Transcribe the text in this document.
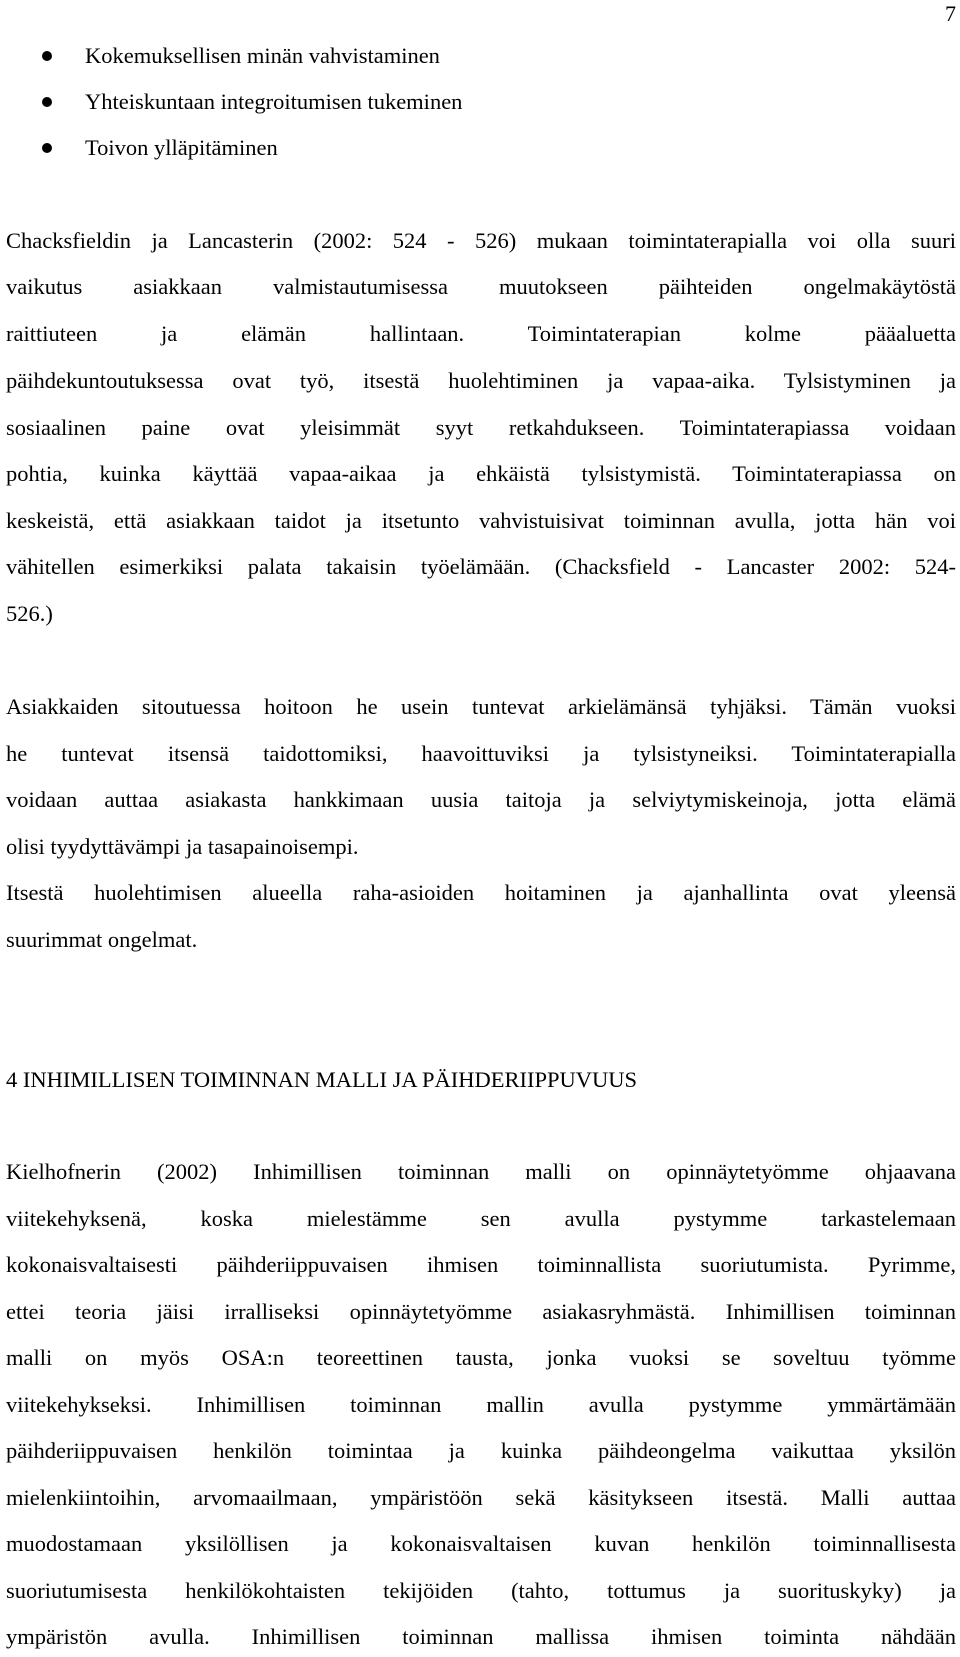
7
Kokemuksellisen minän vahvistaminen
Yhteiskuntaan integroitumisen tukeminen
Toivon ylläpitäminen
Chacksfieldin ja Lancasterin (2002: 524 - 526) mukaan toimintaterapialla voi olla suuri
vaikutus asiakkaan valmistautumisessa muutokseen päihteiden ongelmakäytöstä
raittiuteen ja elämän hallintaan. Toimintaterapian kolme pääaluetta
päihdekuntoutuksessa ovat työ, itsestä huolehtiminen ja vapaa-aika. Tylsistyminen ja
sosiaalinen paine ovat yleisimmät syyt retkahdukseen. Toimintaterapiassa voidaan
pohtia, kuinka käyttää vapaa-aikaa ja ehkäistä tylsistymistä. Toimintaterapiassa on
keskeistä, että asiakkaan taidot ja itsetunto vahvistuisivat toiminnan avulla, jotta hän voi
vähitellen esimerkiksi palata takaisin työelämään. (Chacksfield - Lancaster 2002: 524-
526.)
Asiakkaiden sitoutuessa hoitoon he usein tuntevat arkielämänsä tyhjäksi. Tämän vuoksi
he tuntevat itsensä taidottomiksi, haavoittuviksi ja tylsistyneiksi. Toimintaterapialla
voidaan auttaa asiakasta hankkimaan uusia taitoja ja selviytymiskeinoja, jotta elämä
olisi tyydyttävämpi ja tasapainoisempi.
Itsestä huolehtimisen alueella raha-asioiden hoitaminen ja ajanhallinta ovat yleensä
suurimmat ongelmat.
4 INHIMILLISEN TOIMINNAN MALLI JA PÄIHDERIIPPUVUUS
Kielhofnerin (2002) Inhimillisen toiminnan malli on opinnäytetyömme ohjaavana
viitekehyksenä, koska mielestämme sen avulla pystymme tarkastelemaan
kokonaisvaltaisesti päihderiippuvaisen ihmisen toiminnallista suoriutumista. Pyrimme,
ettei teoria jäisi irralliseksi opinnäytetyömme asiakasryhmästä. Inhimillisen toiminnan
malli on myös OSA:n teoreettinen tausta, jonka vuoksi se soveltuu työmme
viitekehykseksi. Inhimillisen toiminnan mallin avulla pystymme ymmärtämään
päihderiippuvaisen henkilön toimintaa ja kuinka päihdeongelma vaikuttaa yksilön
mielenkiintoihin, arvomaailmaan, ympäristöön sekä käsitykseen itsestä. Malli auttaa
muodostamaan yksilöllisen ja kokonaisvaltaisen kuvan henkilön toiminnallisesta
suoriutumisesta henkilökohtaisten tekijöiden (tahto, tottumus ja suorituskyky) ja
ympäristön avulla. Inhimillisen toiminnan mallissa ihmisen toiminta nähdään
